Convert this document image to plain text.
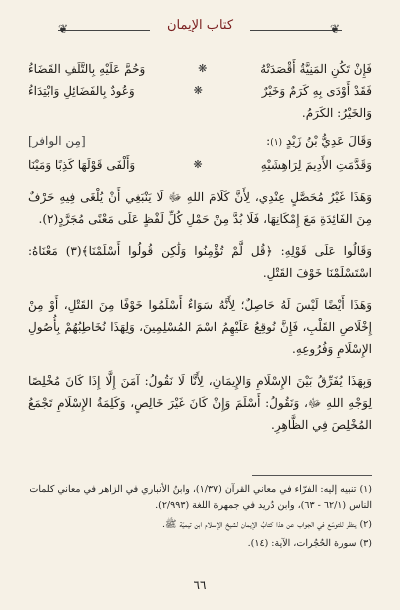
❦	❦
كتاب الإيمان
فَإِنْ تَكُنِ المَنِيَّةُ أَقْصَدَتْهُ
❋
وَحُمَّ عَلَيْهِ بِالتَّلَفِ القَضَاءُ
فَقَدْ أَوْدَى بِهِ كَرَمٌ وَخَيْرٌ
❋
وَعُودٌ بِالفَضَائِلِ وَابْتِدَاءُ

وَالخَيْرُ: الكَرَمُ.

وَقَالَ عَدِيُّ بْنُ زَيْدٍ (١):
[مِن الوافر]
وَقَدَّمَتِ الأَدِيمَ لِرَاهِشَيْهِ
❋
وَأَلْفَى قَوْلَهَا كَذِبًا وَمَيْنَا

وَهَذَا غَيْرُ مُحَصَّلٍ عِنْدِي، لِأَنَّ كَلَامَ اللهِ ﷻ لَا يَنْبَغِي أَنْ يُلْغَى فِيهِ حَرْفٌ مِنَ الفَائِدَةِ مَعَ إِمْكَانِهَا، فَلَا بُدَّ مِنْ حَمْلِ كُلِّ لَفْظٍ عَلَى مَعْنًى مُجَرَّدٍ(٢).

وَقَالُوا عَلَى قَوْلِهِ: ﴿قُل لَّمْ تُؤْمِنُوا وَلَٰكِن قُولُوا أَسْلَمْنَا﴾(٣) مَعْنَاهُ: اسْتَسْلَمْنَا خَوْفَ القَتْلِ.

وَهَذَا أَيْضًا لَيْسَ لَهُ حَاصِلٌ؛ لِأَنَّهُ سَوَاءٌ أَسْلَمُوا خَوْفًا مِنَ القَتْلِ، أَوْ مِنْ إِخْلَاصِ القَلْبِ، فَإِنَّ نُوقِعُ عَلَيْهِمُ اسْمَ المُسْلِمِينَ، وَلِهَذَا نُخَاطِبُهُمْ بِأُصُولِ الإِسْلَامِ وَفُرُوعِهِ.

وَبِهَذَا يُفَرِّقُ بَيْنَ الإِسْلَامِ وَالإِيمَانِ، لِأَنَّا لَا نَقُولُ: آمَنَ إِلَّا إِذَا كَانَ مُخْلِصًا لِوَجْهِ اللهِ ﷻ، وَنَقُولُ: أَسْلَمَ وَإِنْ كَانَ غَيْرَ خَالِصٍ، وَكَلِمَةُ الإِسْلَامِ تَجْمَعُ المُخْلِصَ فِي الظَّاهِرِ.

(١) تنبيه إليه: الفرّاء في معاني القرآن (١/٣٧)، وابنُ الأنباري في الزاهر في معاني كلمات الناس (٦٢/١ - ٦٣)، وابن دُريد في جمهرة اللغة (٢/٩٩٣).

(٢) ينظر للتوسّع في الجواب عن هذا كتابُ الإيمان لشيخ الإسلام ابن تيميّة ﷺ.

(٣) سورة الحُجُرات، الآية: (١٤).

٦٦
